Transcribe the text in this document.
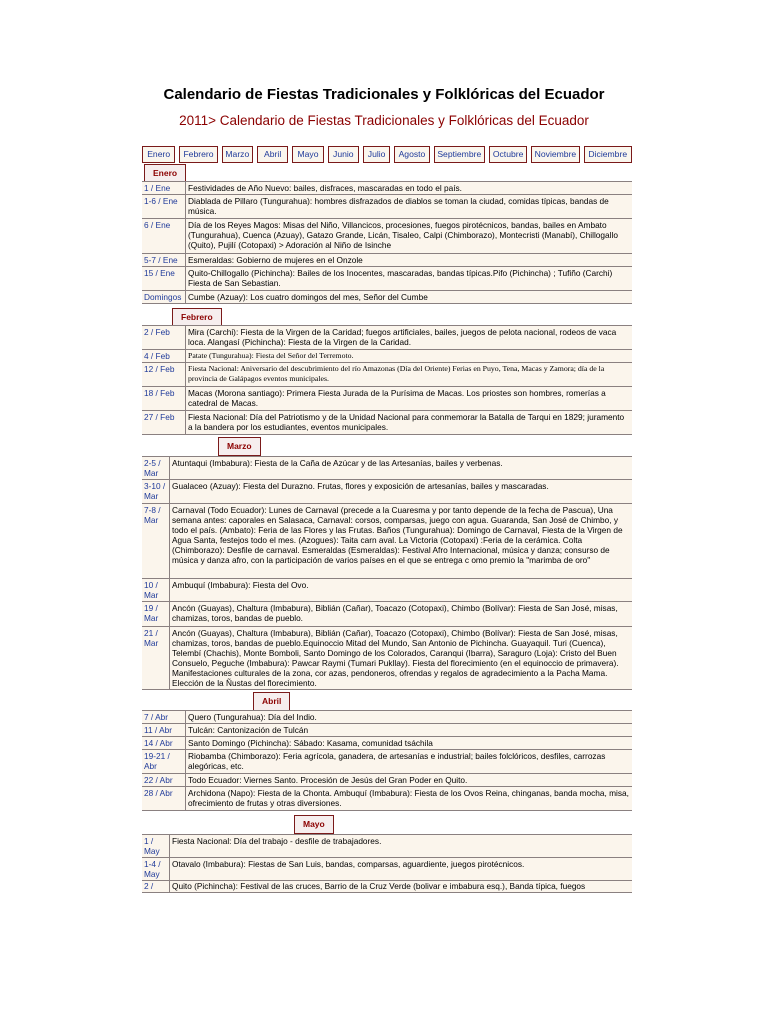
Calendario de Fiestas Tradicionales y Folklóricas del Ecuador
2011> Calendario de Fiestas Tradicionales y Folklóricas del Ecuador
Enero	Febrero	Marzo	Abril	Mayo	Junio	Julio	Agosto	Septiembre	Octubre	Noviembre	Diciembre
Enero
1 / Ene	Festividades de Año Nuevo: bailes, disfraces, mascaradas en todo el país.
1-6 / Ene	Diablada de Pillaro (Tungurahua): hombres disfrazados de diablos se toman la ciudad, comidas típicas, bandas de música.
6 / Ene	Día de los Reyes Magos: Misas del Niño, Villancicos, procesiones, fuegos pirotécnicos, bandas, bailes en Ambato (Tungurahua), Cuenca (Azuay), Gatazo Grande, Licán, Tisaleo, Calpi (Chimborazo), Montecristi (Manabí), Chillogallo (Quito), Pujilí (Cotopaxi) > Adoración al Niño de Isinche
5-7 / Ene	Esmeraldas: Gobierno de mujeres en el Onzole
15 / Ene	Quito-Chillogallo (Pichincha): Bailes de los Inocentes, mascaradas, bandas típicas.Pifo (Pichincha) ; Tufiño (Carchi) Fiesta de San Sebastian.
Domingos	Cumbe (Azuay): Los cuatro domingos del mes, Señor del Cumbe
Febrero
2 / Feb	Mira (Carchi): Fiesta de la Virgen de la Caridad; fuegos artificiales, bailes, juegos de pelota nacional, rodeos de vaca loca. Alangasí (Pichincha): Fiesta de la Virgen de la Caridad.
4 / Feb	Patate (Tungurahua): Fiesta del Señor del Terremoto.
12 / Feb	Fiesta Nacional: Aniversario del descubrimiento del río Amazonas (Día del Oriente) Ferias en Puyo, Tena, Macas y Zamora; día de la provincia de Galápagos eventos municipales.
18 / Feb	Macas (Morona santiago): Primera Fiesta Jurada de la Purísima de Macas. Los priostes son hombres, romerías a catedral de Macas.
27 / Feb	Fiesta Nacional: Día del Patriotismo y de la Unidad Nacional para conmemorar la Batalla de Tarqui en 1829; juramento a la bandera por los estudiantes, eventos municipales.
Marzo
2-5 / Mar	Atuntaqui (Imbabura): Fiesta de la Caña de Azúcar y de las Artesanías, bailes y verbenas.
3-10 / Mar	Gualaceo (Azuay): Fiesta del Durazno. Frutas, flores y exposición de artesanías, bailes y mascaradas.
7-8 / Mar	Carnaval (Todo Ecuador): Lunes de Carnaval (precede a la Cuaresma y por tanto depende de la fecha de Pascua), Una semana antes: caporales en Salasaca, Carnaval: corsos, comparsas, juego con agua. Guaranda, San José de Chimbo, y todo el país. (Ambato): Feria de las Flores y las Frutas. Baños (Tungurahua): Domingo de Carnaval, Fiesta de la Virgen de Agua Santa, festejos todo el mes. (Azogues): Taita carn aval. La Victoria (Cotopaxi) :Feria de la cerámica. Colta (Chimborazo): Desfile de carnaval. Esmeraldas (Esmeraldas): Festival Afro Internacional, música y danza; consurso de música y danza afro, con la participación de varios países en el que se entrega c omo premio la "marimba de oro"
10 / Mar	Ambuquí (Imbabura): Fiesta del Ovo.
19 / Mar	Ancón (Guayas), Chaltura (Imbabura), Biblián (Cañar), Toacazo (Cotopaxi), Chimbo (Bolívar): Fiesta de San José, misas, chamizas, toros, bandas de pueblo.
21 / Mar	Ancón (Guayas), Chaltura (Imbabura), Biblián (Cañar), Toacazo (Cotopaxi), Chimbo (Bolívar): Fiesta de San José, misas, chamizas, toros, bandas de pueblo.Equinoccio Mitad del Mundo, San Antonio de Pichincha. Guayaquil. Turi (Cuenca), Telembí (Chachis), Monte Bomboli, Santo Domingo de los Colorados, Caranqui (Ibarra), Saraguro (Loja): Cristo del Buen Consuelo, Peguche (Imbabura): Pawcar Raymi (Tumari Pukllay). Fiesta del florecimiento (en el equinoccio de primavera). Manifestaciones culturales de la zona, cor azas, pendoneros, ofrendas y regalos de agradecimiento a la Pacha Mama. Elección de la Ñustas del florecimiento.
Abril
7 / Abr	Quero (Tungurahua): Día del Indio.
11 / Abr	Tulcán: Cantonización de Tulcán
14 / Abr	Santo Domingo (Pichincha): Sábado: Kasama, comunidad tsáchila
19-21 / Abr	Riobamba (Chimborazo): Feria agrícola, ganadera, de artesanías e industrial; bailes folclóricos, desfiles, carrozas alegóricas, etc.
22 / Abr	Todo Ecuador: Viernes Santo. Procesión de Jesús del Gran Poder en Quito.
28 / Abr	Archidona (Napo): Fiesta de la Chonta. Ambuquí (Imbabura): Fiesta de los Ovos Reina, chinganas, banda mocha, misa, ofrecimiento de frutas y otras diversiones.
Mayo
1 / May	Fiesta Nacional: Día del trabajo - desfile de trabajadores.
1-4 / May	Otavalo (Imbabura): Fiestas de San Luis, bandas, comparsas, aguardiente, juegos pirotécnicos.
2 /	Quito (Pichincha): Festival de las cruces, Barrio de la Cruz Verde (bolivar e imbabura esq.), Banda típica, fuegos
